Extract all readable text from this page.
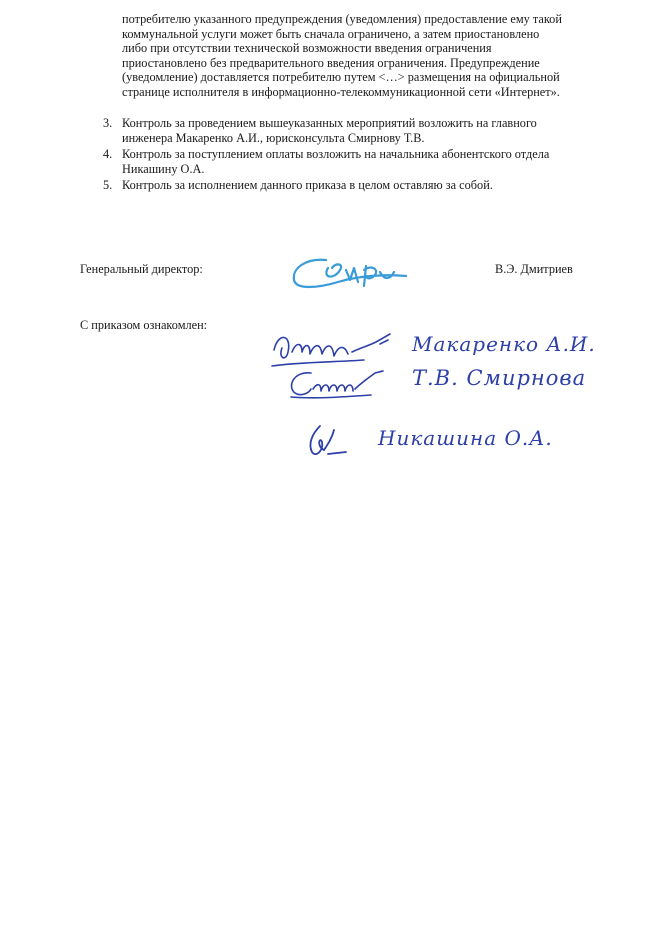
потребителю указанного предупреждения (уведомления) предоставление ему такой

коммунальной услуги может быть сначала ограничено, а затем приостановлено

либо при отсутствии технической возможности введения ограничения

приостановлено без предварительного введения ограничения. Предупреждение

(уведомление) доставляется потребителю путем <…> размещения на официальной

странице исполнителя в информационно-телекоммуникационной сети «Интернет».

3. Контроль за проведением вышеуказанных мероприятий возложить на главного

инженера Макаренко А.И., юрисконсульта Смирнову Т.В.

4. Контроль за поступлением оплаты возложить на начальника абонентского отдела

Никашину О.А.

5. Контроль за исполнением данного приказа в целом оставляю за собой.

Генеральный директор:	В.Э. Дмитриев
С приказом ознакомлен:
Макаренко А.И.
Т.В. Смирнова
Никашина О.А.
